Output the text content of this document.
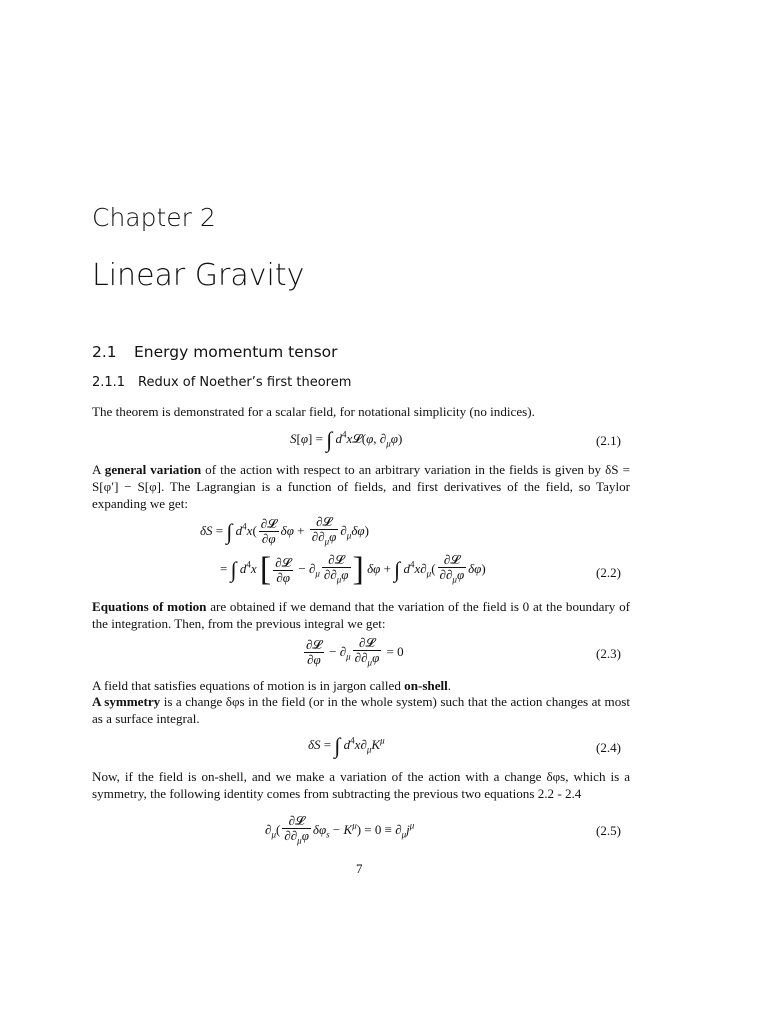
Chapter 2
Linear Gravity
2.1 Energy momentum tensor
2.1.1 Redux of Noether’s first theorem
The theorem is demonstrated for a scalar field, for notational simplicity (no indices).
S[φ] = ∫ $d^4x𝓛(\varphi$, $\partial_\mu\varphi$)	(2.1)
A general variation of the action with respect to an arbitrary variation in the fields is given by δS = S[φ′] − S[φ]. The Lagrangian is a function of fields, and first derivatives of the field, so Taylor expanding we get:
δS = ∫ $d^4x( \frac{\text{∂𝓛}}{\partial\varphi}$ $\delta\varphi + \frac{\text{∂𝓛}}{\partial\partial_\mu\varphi} \partial_\mu\delta\varphi$)
= ∫ $d^4x$ [ $\frac{\text{∂𝓛}}{\partial\varphi} - \partial_\mu \frac{\text{∂𝓛}}{\partial\partial_\mu\varphi}$ ] δφ + ∫ $d^4x\partial_\mu( \frac{\text{∂𝓛}}{\partial\partial_\mu\varphi} \delta\varphi)$	(2.2)
Equations of motion are obtained if we demand that the variation of the field is 0 at the boundary of the integration. Then, from the previous integral we get:
$\frac{\text{∂𝓛}}{\partial\varphi} - \partial_\mu \frac{\text{∂𝓛}}{\partial\partial_\mu\varphi} = 0$	(2.3)
A field that satisfies equations of motion is in jargon called on-shell.
A symmetry is a change δφs in the field (or in the whole system) such that the action changes at most as a surface integral.
δS = ∫ $d^4x\partial_\mu K^\mu$	(2.4)
Now, if the field is on-shell, and we make a variation of the action with a change δφs, which is a symmetry, the following identity comes from subtracting the previous two equations 2.2 - 2.4
$\partial_\mu( \frac{\text{∂𝓛}}{\partial\partial_\mu\varphi} \delta\varphi_s - K^\mu) = 0 \equiv \partial_\mu j^\mu$	(2.5)
7
